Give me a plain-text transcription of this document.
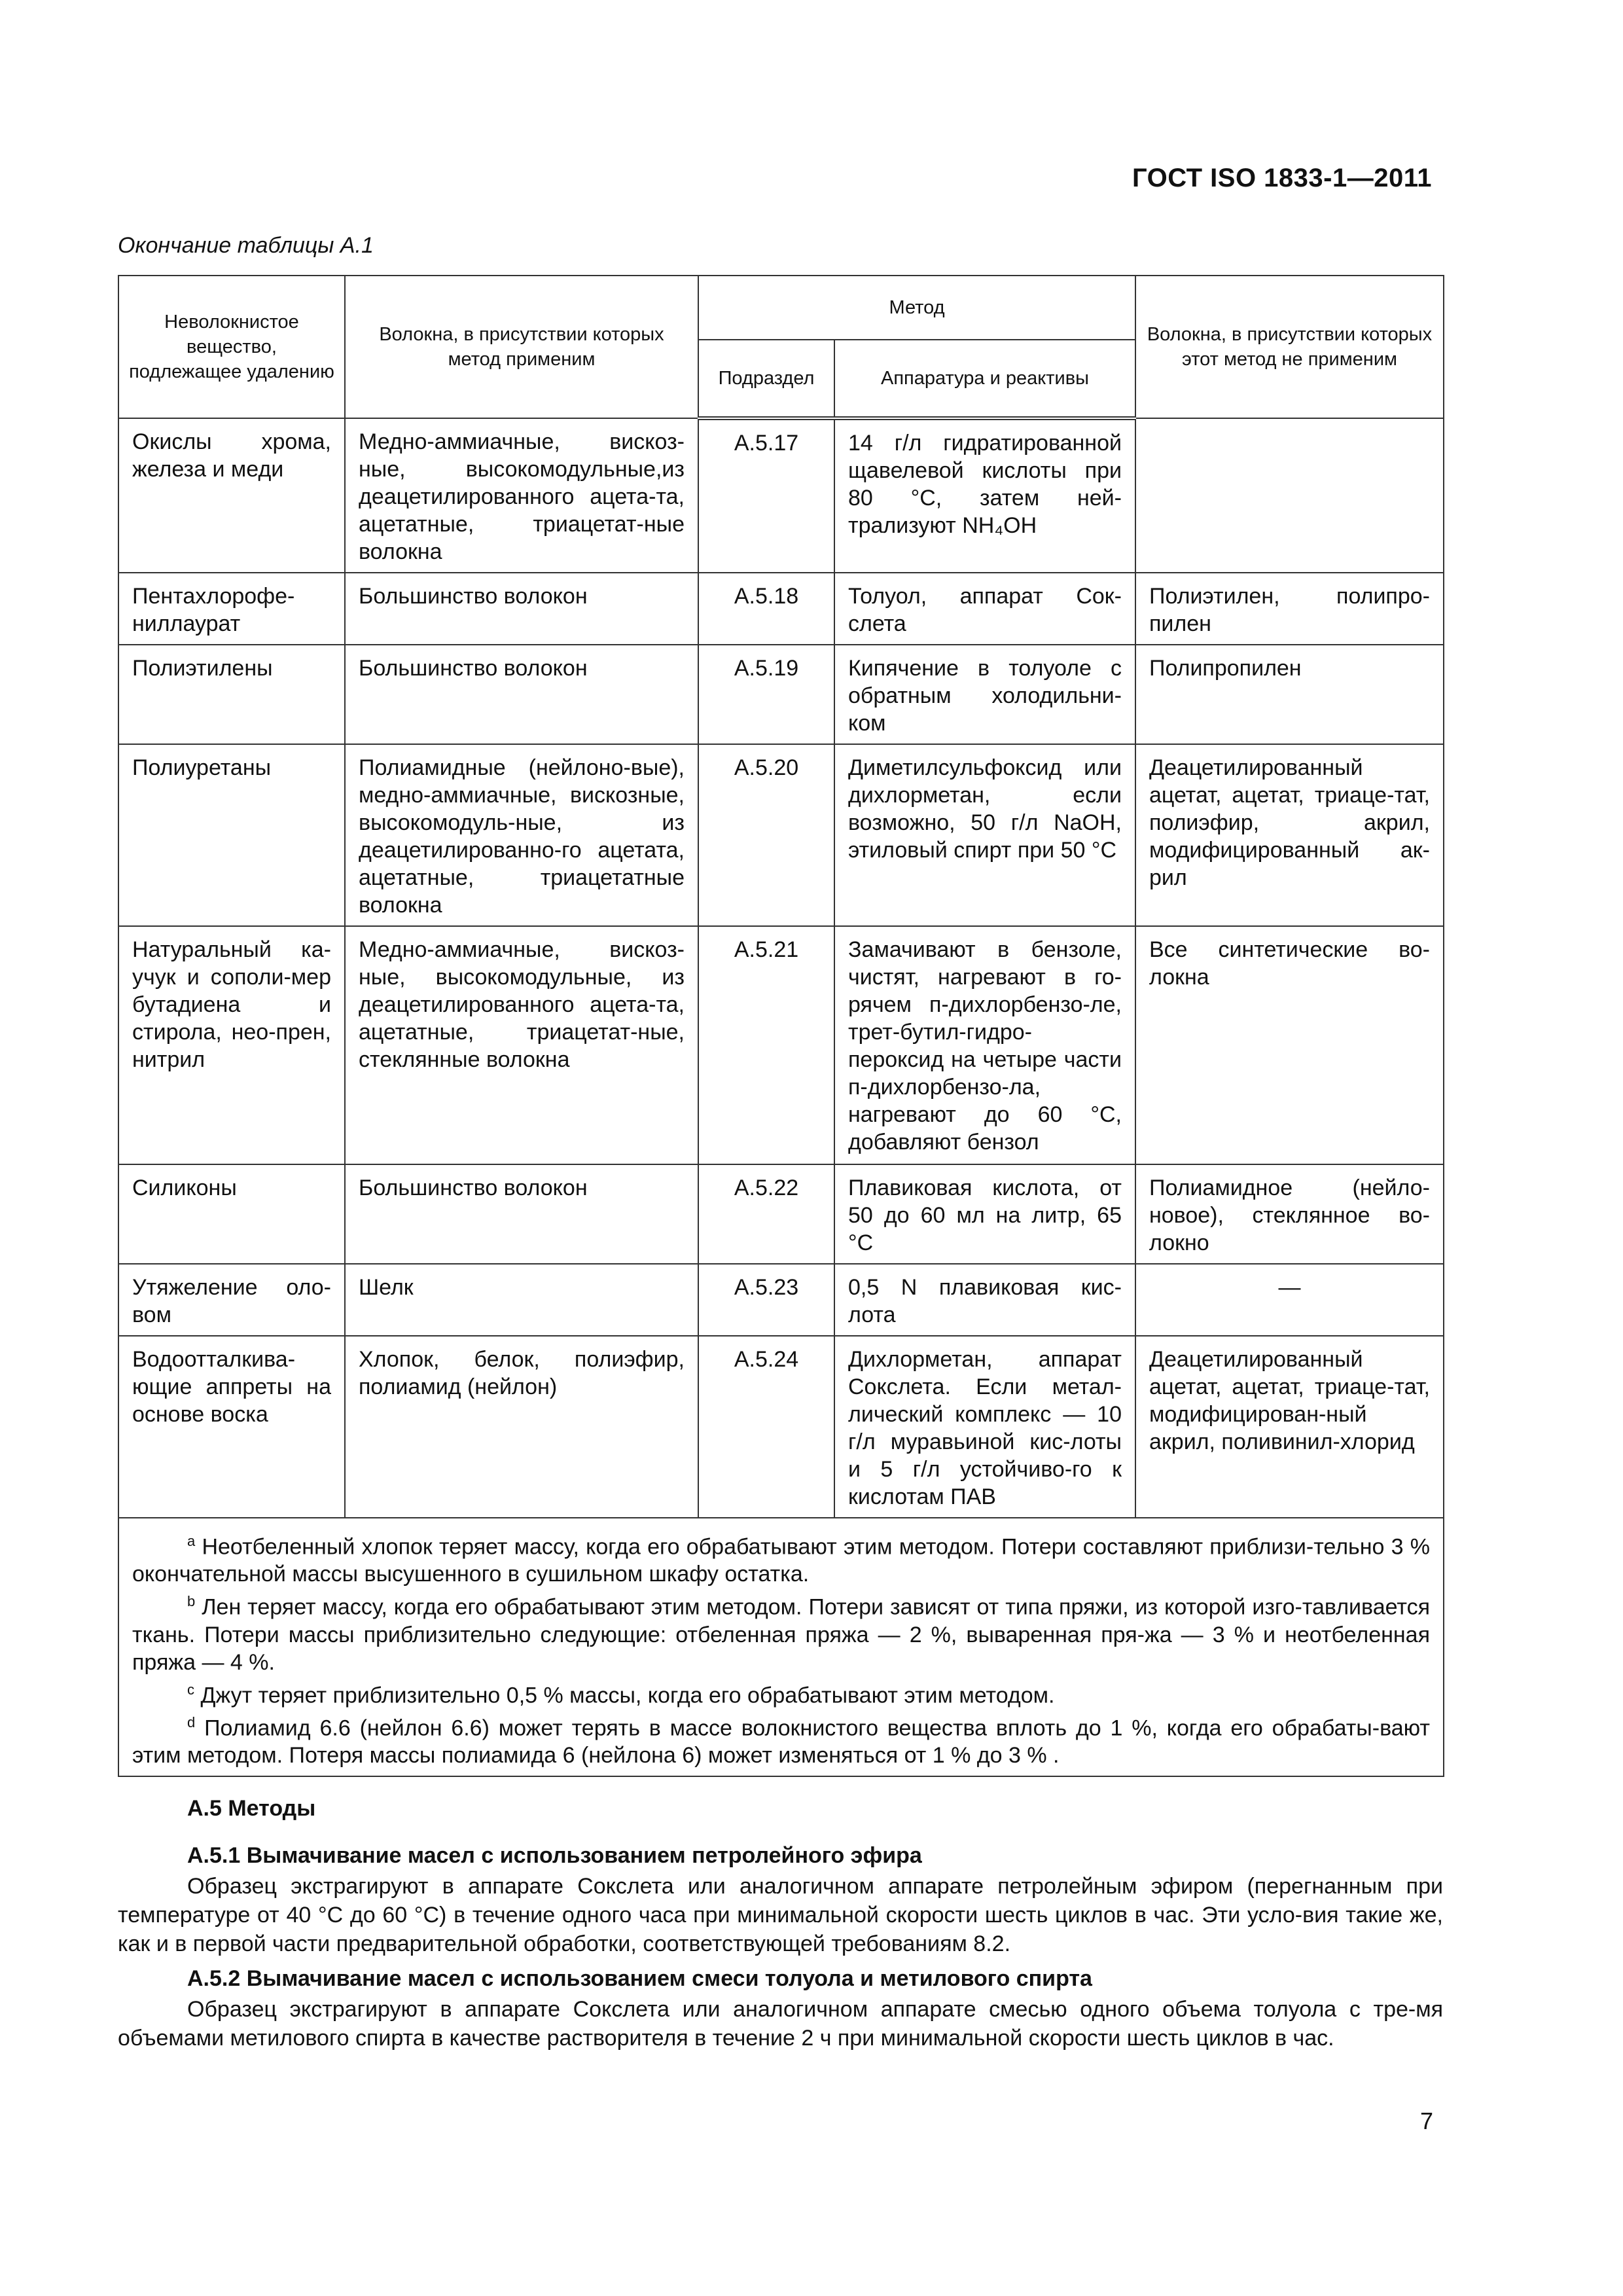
ГОСТ ISO 1833-1—2011
Окончание таблицы А.1
Неволокнистое вещество, подлежащее удалению	Волокна, в присутствии которых метод применим	Метод		Волокна, в присутствии которых этот метод не применим
		Подраздел	Аппаратура и реактивы	
Окислы хрома, железа и меди	Медно-аммиачные, вискоз-ные, высокомодульные,из деацетилированного ацета-та, ацетатные, триацетат-ные волокна	А.5.17	14 г/л гидратированной щавелевой кислоты при 80 °C, затем ней-трализуют NH₄OH	
Пентахлорофе-ниллаурат	Большинство волокон	А.5.18	Толуол, аппарат Сок-слета	Полиэтилен, полипро-пилен
Полиэтилены	Большинство волокон	А.5.19	Кипячение в толуоле с обратным холодильни-ком	Полипропилен
Полиуретаны	Полиамидные (нейлоно-вые), медно-аммиачные, вискозные, высокомодуль-ные, из деацетилированно-го ацетата, ацетатные, триацетатные волокна	А.5.20	Диметилсульфоксид или дихлорметан, если возможно, 50 г/л NaOH, этиловый спирт при 50 °C	Деацетилированный ацетат, ацетат, триаце-тат, полиэфир, акрил, модифицированный ак-рил
Натуральный ка-учук и сополи-мер бутадиена и стирола, нео-прен, нитрил	Медно-аммиачные, вискоз-ные, высокомодульные, из деацетилированного ацета-та, ацетатные, триацетат-ные, стеклянные волокна	А.5.21	Замачивают в бензоле, чистят, нагревают в го-рячем п-дихлорбензо-ле, трет-бутил-гидро-пероксид на четыре части п-дихлорбензо-ла, нагревают до 60 °C, добавляют бензол	Все синтетические во-локна
Силиконы	Большинство волокон	А.5.22	Плавиковая кислота, от 50 до 60 мл на литр, 65 °C	Полиамидное (нейло-новое), стеклянное во-локно
Утяжеление оло-вом	Шелк	А.5.23	0,5 N плавиковая кис-лота	—
Водоотталкива-ющие аппреты на основе воска	Хлопок, белок, полиэфир, полиамид (нейлон)	А.5.24	Дихлорметан, аппарат Сокслета. Если метал-лический комплекс — 10 г/л муравьиной кис-лоты и 5 г/л устойчиво-го к кислотам ПАВ	Деацетилированный ацетат, ацетат, триаце-тат, модифицирован-ный акрил, поливинил-хлорид

$^a$ Неотбеленный хлопок теряет массу, когда его обрабатывают этим методом. Потери составляют приблизи-тельно 3 % окончательной массы высушенного в сушильном шкафу остатка.

$^b$ Лен теряет массу, когда его обрабатывают этим методом. Потери зависят от типа пряжи, из которой изго-тавливается ткань. Потери массы приблизительно следующие: отбеленная пряжа — 2 %, вываренная пря-жа — 3 % и неотбеленная пряжа — 4 %.

$^c$ Джут теряет приблизительно 0,5 % массы, когда его обрабатывают этим методом.

$^d$ Полиамид 6.6 (нейлон 6.6) может терять в массе волокнистого вещества вплоть до 1 %, когда его обрабаты-вают этим методом. Потеря массы полиамида 6 (нейлона 6) может изменяться от 1 % до 3 % .				

А.5 Методы
А.5.1 Вымачивание масел с использованием петролейного эфира

Образец экстрагируют в аппарате Сокслета или аналогичном аппарате петролейным эфиром (перегнанным при температуре от 40 °C до 60 °C) в течение одного часа при минимальной скорости шесть циклов в час. Эти усло-вия такие же, как и в первой части предварительной обработки, соответствующей требованиям 8.2.

А.5.2 Вымачивание масел с использованием смеси толуола и метилового спирта

Образец экстрагируют в аппарате Сокслета или аналогичном аппарате смесью одного объема толуола с тре-мя объемами метилового спирта в качестве растворителя в течение 2 ч при минимальной скорости шесть циклов в час.

7
